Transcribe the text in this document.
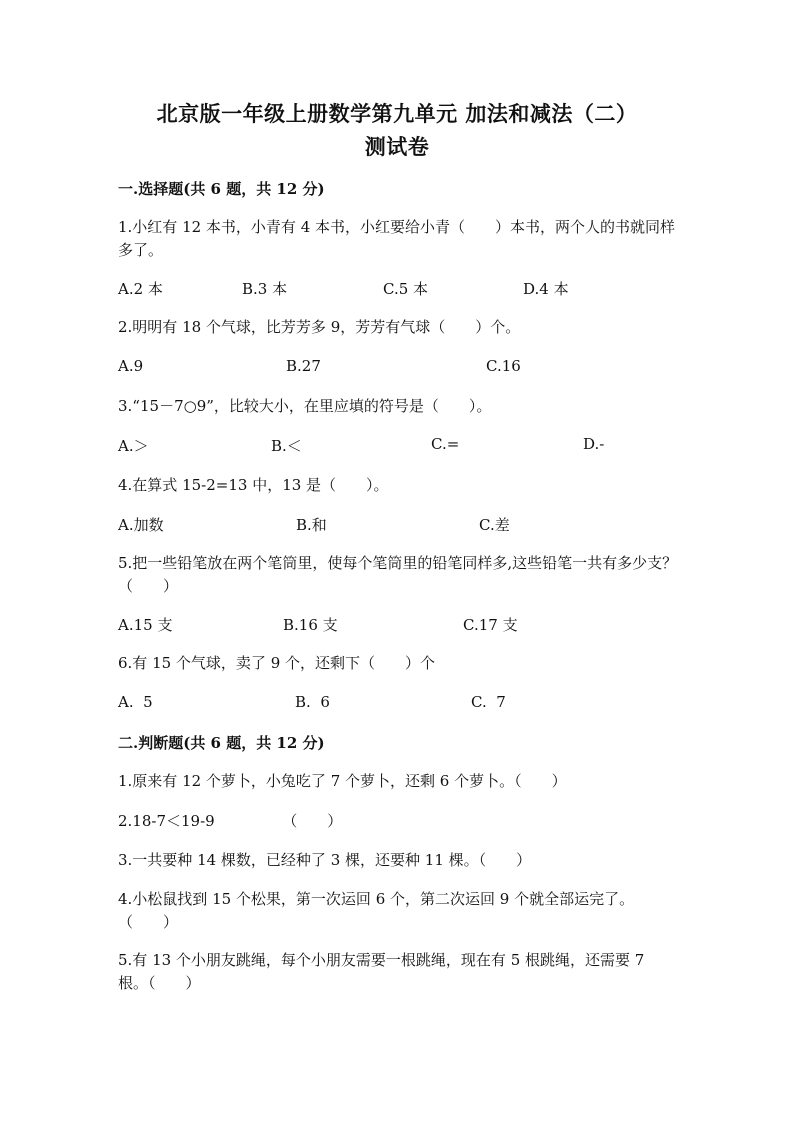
北京版一年级上册数学第九单元 加法和减法（二）
测试卷
一.选择题(共 6 题，共 12 分)
1.小红有 12 本书，小青有 4 本书，小红要给小青（　　）本书，两个人的书就同样多了。
A.2 本	B.3 本	C.5 本	D.4 本
2.明明有 18 个气球，比芳芳多 9，芳芳有气球（　　）个。
A.9	B.27	C.16
3.“15－7○9”，比较大小，在里应填的符号是（　　）。
A.＞	B.＜	C.=	D.-
4.在算式 15-2=13 中，13 是（　　）。
A.加数	B.和	C.差
5.把一些铅笔放在两个笔筒里，使每个笔筒里的铅笔同样多,这些铅笔一共有多少支？（　　）
A.15 支	B.16 支	C.17 支
6.有 15 个气球，卖了 9 个，还剩下（　　）个
A.  5	B.  6	C.  7
二.判断题(共 6 题，共 12 分)
1.原来有 12 个萝卜，小兔吃了 7 个萝卜，还剩 6 个萝卜。（　　）
2.18-7＜19-9　　　　　（　　）
3.一共要种 14 棵数，已经种了 3 棵，还要种 11 棵。（　　）
4.小松鼠找到 15 个松果，第一次运回 6 个，第二次运回 9 个就全部运完了。（　　）
5.有 13 个小朋友跳绳，每个小朋友需要一根跳绳，现在有 5 根跳绳，还需要 7 根。（　　）
